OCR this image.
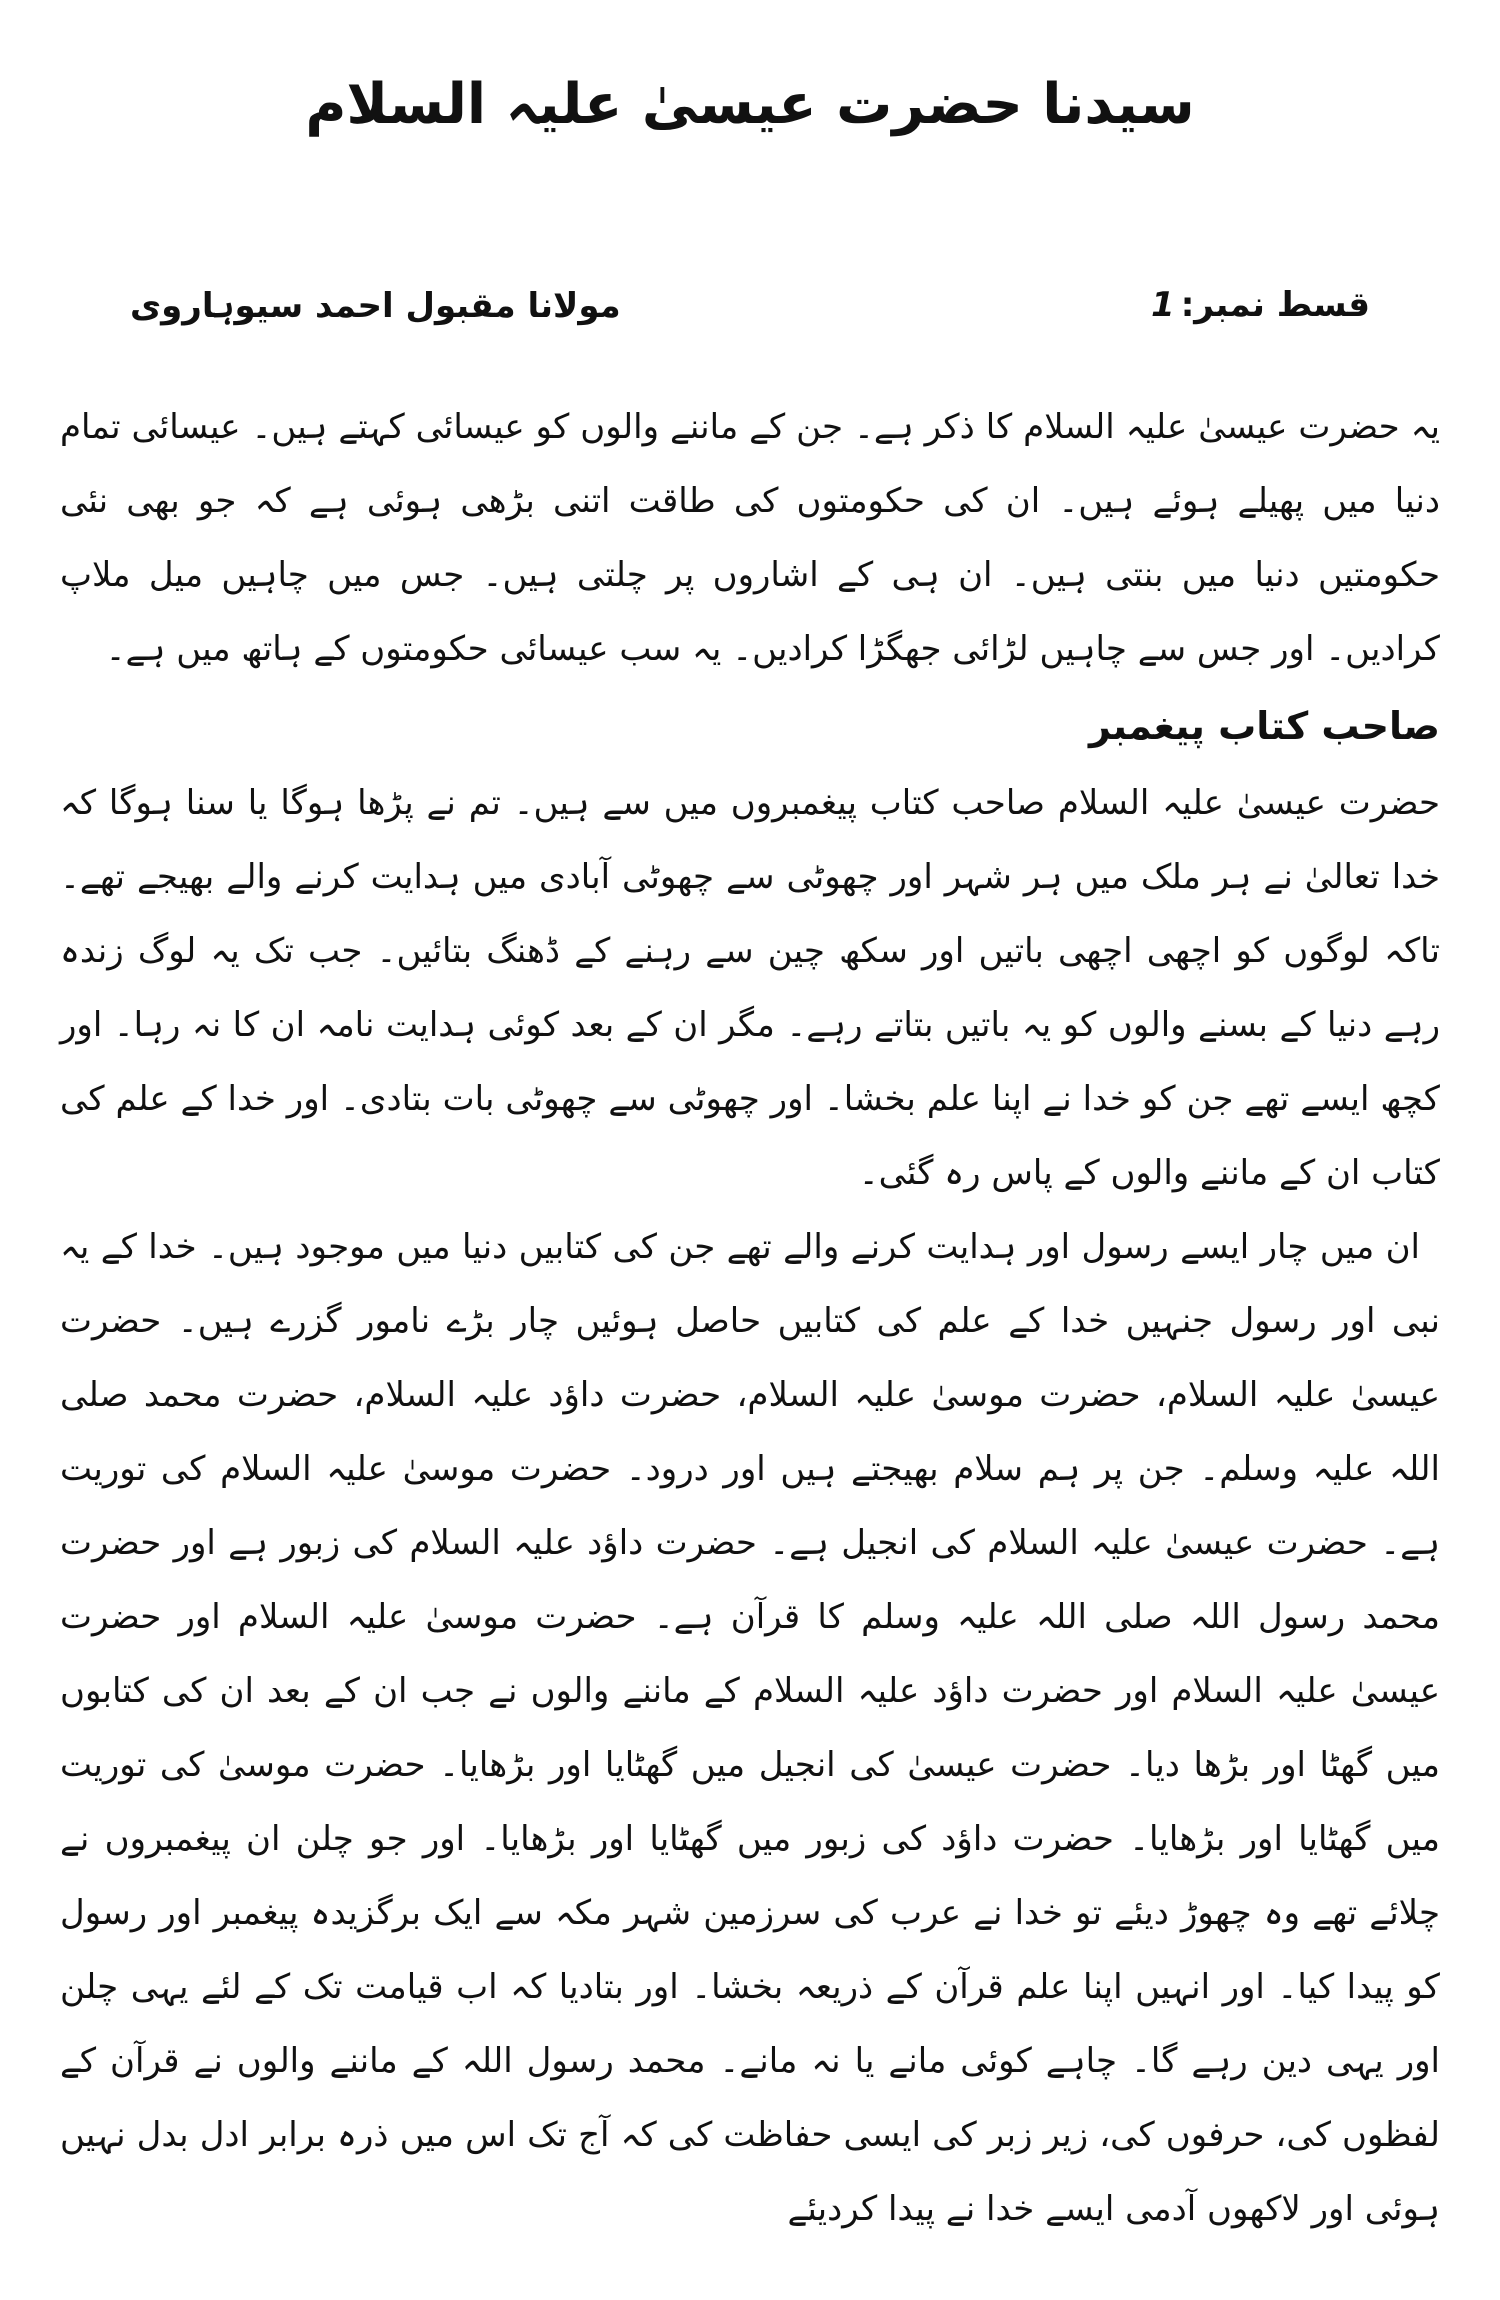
سیدنا حضرت عیسیٰ علیہ السلام
قسط نمبر:
1
مولانا مقبول احمد سیوہاروی

یہ حضرت عیسیٰ علیہ السلام کا ذکر ہے۔ جن کے ماننے والوں کو عیسائی کہتے ہیں۔ عیسائی تمام دنیا میں پھیلے ہوئے ہیں۔ ان کی حکومتوں کی طاقت اتنی بڑھی ہوئی ہے کہ جو بھی نئی حکومتیں دنیا میں بنتی ہیں۔ ان ہی کے اشاروں پر چلتی ہیں۔ جس میں چاہیں میل ملاپ کرادیں۔ اور جس سے چاہیں لڑائی جھگڑا کرادیں۔ یہ سب عیسائی حکومتوں کے ہاتھ میں ہے۔

صاحب کتاب پیغمبر

حضرت عیسیٰ علیہ السلام صاحب کتاب پیغمبروں میں سے ہیں۔ تم نے پڑھا ہوگا یا سنا ہوگا کہ خدا تعالیٰ نے ہر ملک میں ہر شہر اور چھوٹی سے چھوٹی آبادی میں ہدایت کرنے والے بھیجے تھے۔ تاکہ لوگوں کو اچھی اچھی باتیں اور سکھ چین سے رہنے کے ڈھنگ بتائیں۔ جب تک یہ لوگ زندہ رہے دنیا کے بسنے والوں کو یہ باتیں بتاتے رہے۔ مگر ان کے بعد کوئی ہدایت نامہ ان کا نہ رہا۔ اور کچھ ایسے تھے جن کو خدا نے اپنا علم بخشا۔ اور چھوٹی سے چھوٹی بات بتادی۔ اور خدا کے علم کی کتاب ان کے ماننے والوں کے پاس رہ گئی۔

ان میں چار ایسے رسول اور ہدایت کرنے والے تھے جن کی کتابیں دنیا میں موجود ہیں۔ خدا کے یہ نبی اور رسول جنہیں خدا کے علم کی کتابیں حاصل ہوئیں چار بڑے نامور گزرے ہیں۔ حضرت عیسیٰ علیہ السلام، حضرت موسیٰ علیہ السلام، حضرت داؤد علیہ السلام، حضرت محمد صلی اللہ علیہ وسلم۔ جن پر ہم سلام بھیجتے ہیں اور درود۔ حضرت موسیٰ علیہ السلام کی توریت ہے۔ حضرت عیسیٰ علیہ السلام کی انجیل ہے۔ حضرت داؤد علیہ السلام کی زبور ہے اور حضرت محمد رسول اللہ صلی اللہ علیہ وسلم کا قرآن ہے۔ حضرت موسیٰ علیہ السلام اور حضرت عیسیٰ علیہ السلام اور حضرت داؤد علیہ السلام کے ماننے والوں نے جب ان کے بعد ان کی کتابوں میں گھٹا اور بڑھا دیا۔ حضرت عیسیٰ کی انجیل میں گھٹایا اور بڑھایا۔ حضرت موسیٰ کی توریت میں گھٹایا اور بڑھایا۔ حضرت داؤد کی زبور میں گھٹایا اور بڑھایا۔ اور جو چلن ان پیغمبروں نے چلائے تھے وہ چھوڑ دیئے تو خدا نے عرب کی سرزمین شہر مکہ سے ایک برگزیدہ پیغمبر اور رسول کو پیدا کیا۔ اور انہیں اپنا علم قرآن کے ذریعہ بخشا۔ اور بتادیا کہ اب قیامت تک کے لئے یہی چلن اور یہی دین رہے گا۔ چاہے کوئی مانے یا نہ مانے۔ محمد رسول اللہ کے ماننے والوں نے قرآن کے لفظوں کی، حرفوں کی، زیر زبر کی ایسی حفاظت کی کہ آج تک اس میں ذرہ برابر ادل بدل نہیں ہوئی اور لاکھوں آدمی ایسے خدا نے پیدا کردیئے
